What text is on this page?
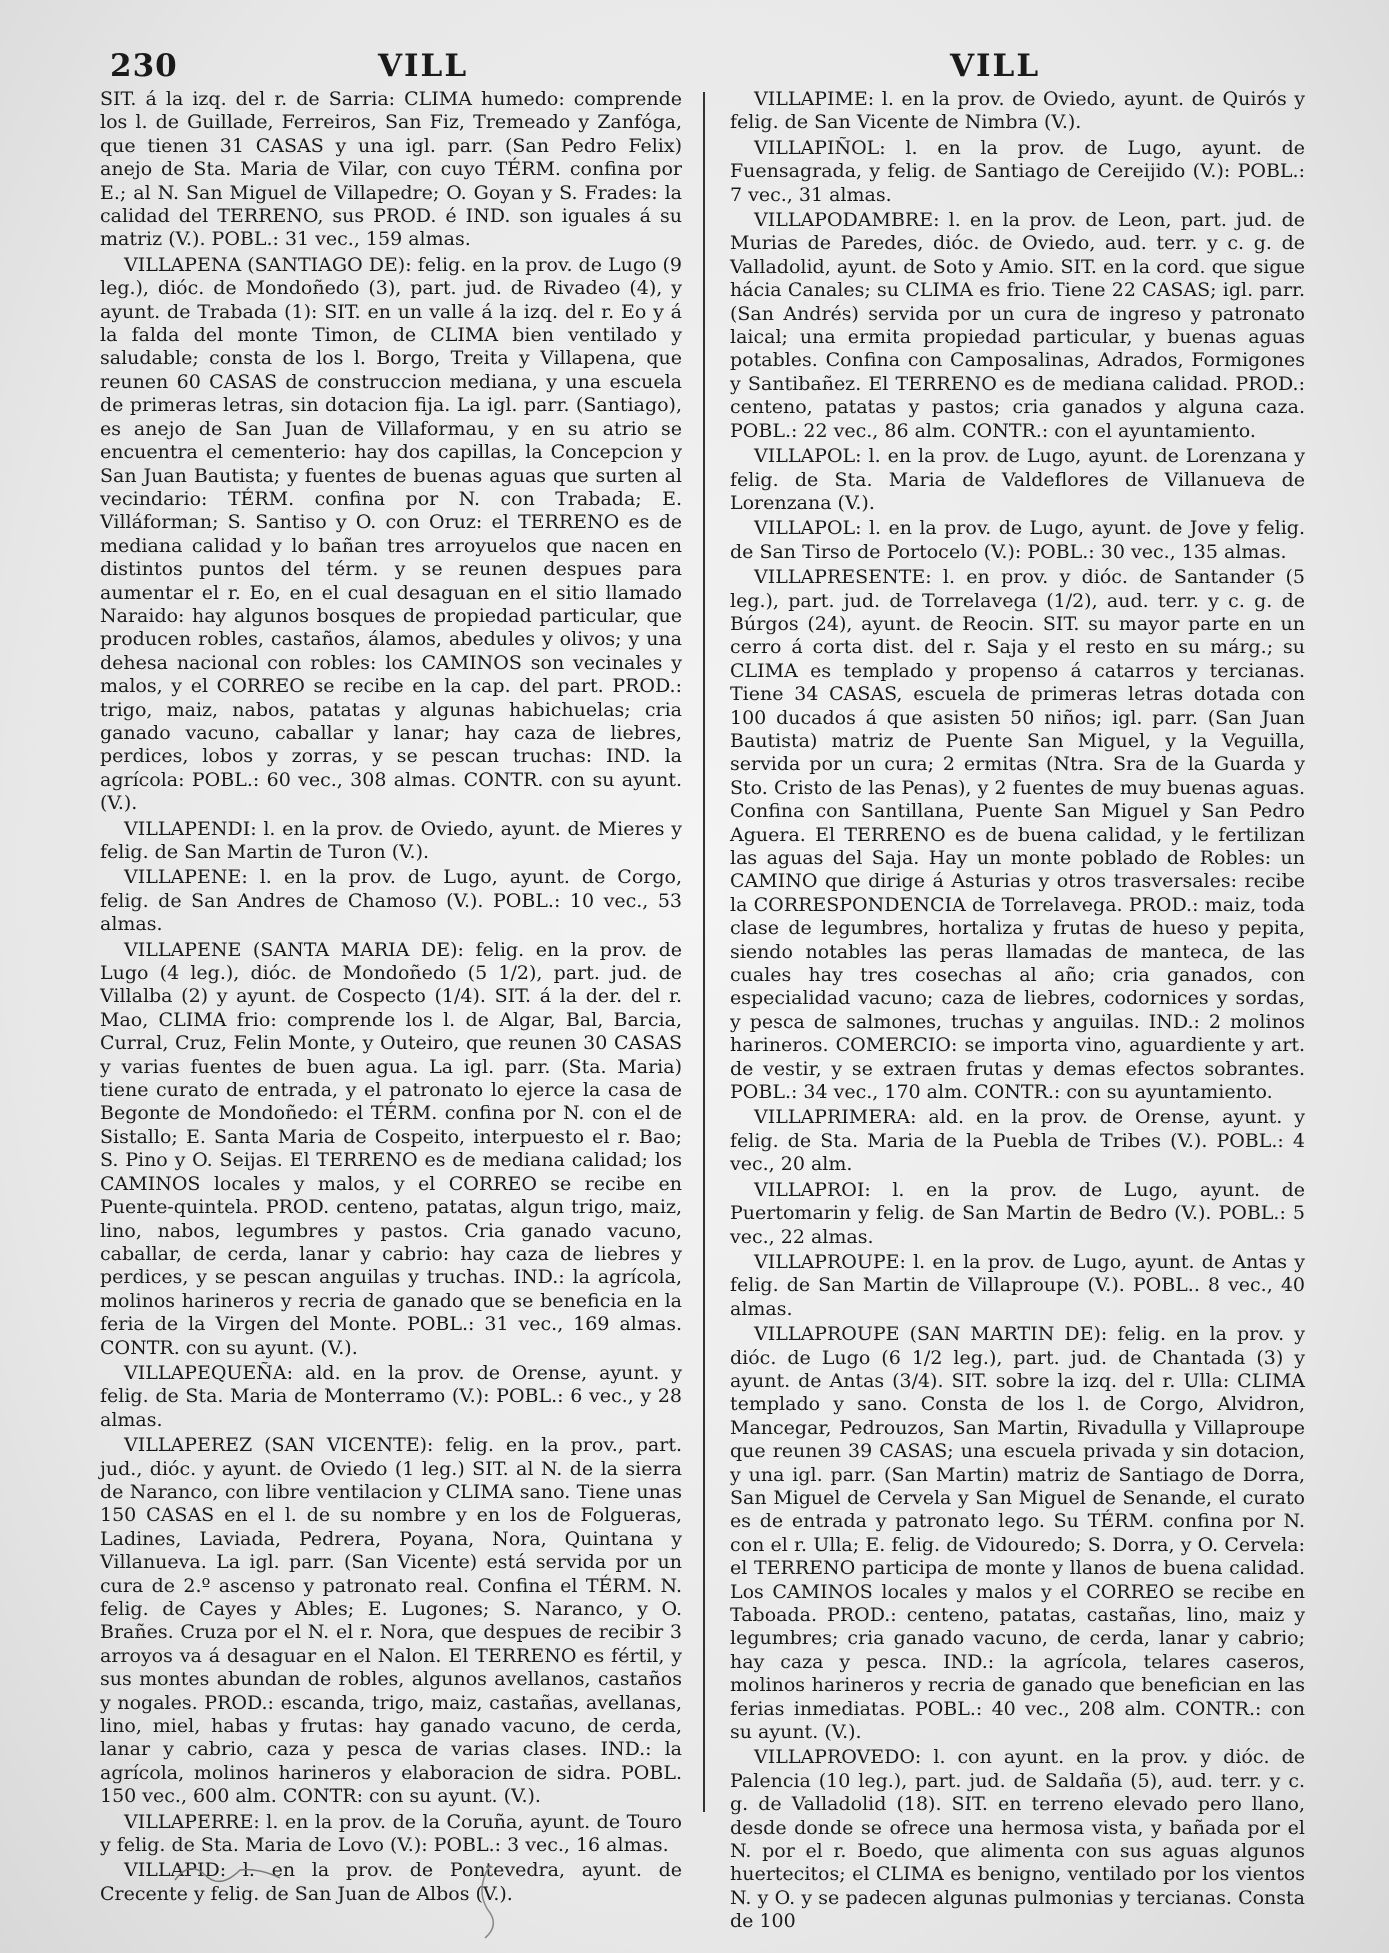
230	VILL	VILL

SIT. á la izq. del r. de Sarria: CLIMA humedo: comprende los l. de Guillade, Ferreiros, San Fiz, Tremeado y Zanfóga, que tienen 31 CASAS y una igl. parr. (San Pedro Felix) anejo de Sta. Maria de Vilar, con cuyo TÉRM. confina por E.; al N. San Miguel de Villapedre; O. Goyan y S. Frades: la calidad del TERRENO, sus PROD. é IND. son iguales á su matriz (V.). POBL.: 31 vec., 159 almas.

VILLAPENA (SANTIAGO DE): felig. en la prov. de Lugo (9 leg.), dióc. de Mondoñedo (3), part. jud. de Rivadeo (4), y ayunt. de Trabada (1): SIT. en un valle á la izq. del r. Eo y á la falda del monte Timon, de CLIMA bien ventilado y saludable; consta de los l. Borgo, Treita y Villapena, que reunen 60 CASAS de construccion mediana, y una escuela de primeras letras, sin dotacion fija. La igl. parr. (Santiago), es anejo de San Juan de Villaformau, y en su atrio se encuentra el cementerio: hay dos capillas, la Concepcion y San Juan Bautista; y fuentes de buenas aguas que surten al vecindario: TÉRM. confina por N. con Trabada; E. Villáforman; S. Santiso y O. con Oruz: el TERRENO es de mediana calidad y lo bañan tres arroyuelos que nacen en distintos puntos del térm. y se reunen despues para aumentar el r. Eo, en el cual desaguan en el sitio llamado Naraido: hay algunos bosques de propiedad particular, que producen robles, castaños, álamos, abedules y olivos; y una dehesa nacional con robles: los CAMINOS son vecinales y malos, y el CORREO se recibe en la cap. del part. PROD.: trigo, maiz, nabos, patatas y algunas habichuelas; cria ganado vacuno, caballar y lanar; hay caza de liebres, perdices, lobos y zorras, y se pescan truchas: IND. la agrícola: POBL.: 60 vec., 308 almas. CONTR. con su ayunt. (V.).

VILLAPENDI: l. en la prov. de Oviedo, ayunt. de Mieres y felig. de San Martin de Turon (V.).

VILLAPENE: l. en la prov. de Lugo, ayunt. de Corgo, felig. de San Andres de Chamoso (V.). POBL.: 10 vec., 53 almas.

VILLAPENE (SANTA MARIA DE): felig. en la prov. de Lugo (4 leg.), dióc. de Mondoñedo (5 1/2), part. jud. de Villalba (2) y ayunt. de Cospecto (1/4). SIT. á la der. del r. Mao, CLIMA frio: comprende los l. de Algar, Bal, Barcia, Curral, Cruz, Felin Monte, y Outeiro, que reunen 30 CASAS y varias fuentes de buen agua. La igl. parr. (Sta. Maria) tiene curato de entrada, y el patronato lo ejerce la casa de Begonte de Mondoñedo: el TÉRM. confina por N. con el de Sistallo; E. Santa Maria de Cospeito, interpuesto el r. Bao; S. Pino y O. Seijas. El TERRENO es de mediana calidad; los CAMINOS locales y malos, y el CORREO se recibe en Puente-quintela. PROD. centeno, patatas, algun trigo, maiz, lino, nabos, legumbres y pastos. Cria ganado vacuno, caballar, de cerda, lanar y cabrio: hay caza de liebres y perdices, y se pescan anguilas y truchas. IND.: la agrícola, molinos harineros y recria de ganado que se beneficia en la feria de la Virgen del Monte. POBL.: 31 vec., 169 almas. CONTR. con su ayunt. (V.).

VILLAPEQUEÑA: ald. en la prov. de Orense, ayunt. y felig. de Sta. Maria de Monterramo (V.): POBL.: 6 vec., y 28 almas.

VILLAPEREZ (SAN VICENTE): felig. en la prov., part. jud., dióc. y ayunt. de Oviedo (1 leg.) SIT. al N. de la sierra de Naranco, con libre ventilacion y CLIMA sano. Tiene unas 150 CASAS en el l. de su nombre y en los de Folgueras, Ladines, Laviada, Pedrera, Poyana, Nora, Quintana y Villanueva. La igl. parr. (San Vicente) está servida por un cura de 2.º ascenso y patronato real. Confina el TÉRM. N. felig. de Cayes y Ables; E. Lugones; S. Naranco, y O. Brañes. Cruza por el N. el r. Nora, que despues de recibir 3 arroyos va á desaguar en el Nalon. El TERRENO es fértil, y sus montes abundan de robles, algunos avellanos, castaños y nogales. PROD.: escanda, trigo, maiz, castañas, avellanas, lino, miel, habas y frutas: hay ganado vacuno, de cerda, lanar y cabrio, caza y pesca de varias clases. IND.: la agrícola, molinos harineros y elaboracion de sidra. POBL. 150 vec., 600 alm. CONTR: con su ayunt. (V.).

VILLAPERRE: l. en la prov. de la Coruña, ayunt. de Touro y felig. de Sta. Maria de Lovo (V.): POBL.: 3 vec., 16 almas.

VILLAPID: l. en la prov. de Pontevedra, ayunt. de Crecente y felig. de San Juan de Albos (V.).

VILLAPIME: l. en la prov. de Oviedo, ayunt. de Quirós y felig. de San Vicente de Nimbra (V.).

VILLAPIÑOL: l. en la prov. de Lugo, ayunt. de Fuensagrada, y felig. de Santiago de Cereijido (V.): POBL.: 7 vec., 31 almas.

VILLAPODAMBRE: l. en la prov. de Leon, part. jud. de Murias de Paredes, dióc. de Oviedo, aud. terr. y c. g. de Valladolid, ayunt. de Soto y Amio. SIT. en la cord. que sigue hácia Canales; su CLIMA es frio. Tiene 22 CASAS; igl. parr. (San Andrés) servida por un cura de ingreso y patronato laical; una ermita propiedad particular, y buenas aguas potables. Confina con Camposalinas, Adrados, Formigones y Santibañez. El TERRENO es de mediana calidad. PROD.: centeno, patatas y pastos; cria ganados y alguna caza. POBL.: 22 vec., 86 alm. CONTR.: con el ayuntamiento.

VILLAPOL: l. en la prov. de Lugo, ayunt. de Lorenzana y felig. de Sta. Maria de Valdeflores de Villanueva de Lorenzana (V.).

VILLAPOL: l. en la prov. de Lugo, ayunt. de Jove y felig. de San Tirso de Portocelo (V.): POBL.: 30 vec., 135 almas.

VILLAPRESENTE: l. en prov. y dióc. de Santander (5 leg.), part. jud. de Torrelavega (1/2), aud. terr. y c. g. de Búrgos (24), ayunt. de Reocin. SIT. su mayor parte en un cerro á corta dist. del r. Saja y el resto en su márg.; su CLIMA es templado y propenso á catarros y tercianas. Tiene 34 CASAS, escuela de primeras letras dotada con 100 ducados á que asisten 50 niños; igl. parr. (San Juan Bautista) matriz de Puente San Miguel, y la Veguilla, servida por un cura; 2 ermitas (Ntra. Sra de la Guarda y Sto. Cristo de las Penas), y 2 fuentes de muy buenas aguas. Confina con Santillana, Puente San Miguel y San Pedro Aguera. El TERRENO es de buena calidad, y le fertilizan las aguas del Saja. Hay un monte poblado de Robles: un CAMINO que dirige á Asturias y otros trasversales: recibe la CORRESPONDENCIA de Torrelavega. PROD.: maiz, toda clase de legumbres, hortaliza y frutas de hueso y pepita, siendo notables las peras llamadas de manteca, de las cuales hay tres cosechas al año; cria ganados, con especialidad vacuno; caza de liebres, codornices y sordas, y pesca de salmones, truchas y anguilas. IND.: 2 molinos harineros. COMERCIO: se importa vino, aguardiente y art. de vestir, y se extraen frutas y demas efectos sobrantes. POBL.: 34 vec., 170 alm. CONTR.: con su ayuntamiento.

VILLAPRIMERA: ald. en la prov. de Orense, ayunt. y felig. de Sta. Maria de la Puebla de Tribes (V.). POBL.: 4 vec., 20 alm.

VILLAPROI: l. en la prov. de Lugo, ayunt. de Puertomarin y felig. de San Martin de Bedro (V.). POBL.: 5 vec., 22 almas.

VILLAPROUPE: l. en la prov. de Lugo, ayunt. de Antas y felig. de San Martin de Villaproupe (V.). POBL.. 8 vec., 40 almas.

VILLAPROUPE (SAN MARTIN DE): felig. en la prov. y dióc. de Lugo (6 1/2 leg.), part. jud. de Chantada (3) y ayunt. de Antas (3/4). SIT. sobre la izq. del r. Ulla: CLIMA templado y sano. Consta de los l. de Corgo, Alvidron, Mancegar, Pedrouzos, San Martin, Rivadulla y Villaproupe que reunen 39 CASAS; una escuela privada y sin dotacion, y una igl. parr. (San Martin) matriz de Santiago de Dorra, San Miguel de Cervela y San Miguel de Senande, el curato es de entrada y patronato lego. Su TÉRM. confina por N. con el r. Ulla; E. felig. de Vidouredo; S. Dorra, y O. Cervela: el TERRENO participa de monte y llanos de buena calidad. Los CAMINOS locales y malos y el CORREO se recibe en Taboada. PROD.: centeno, patatas, castañas, lino, maiz y legumbres; cria ganado vacuno, de cerda, lanar y cabrio; hay caza y pesca. IND.: la agrícola, telares caseros, molinos harineros y recria de ganado que benefician en las ferias inmediatas. POBL.: 40 vec., 208 alm. CONTR.: con su ayunt. (V.).

VILLAPROVEDO: l. con ayunt. en la prov. y dióc. de Palencia (10 leg.), part. jud. de Saldaña (5), aud. terr. y c. g. de Valladolid (18). SIT. en terreno elevado pero llano, desde donde se ofrece una hermosa vista, y bañada por el N. por el r. Boedo, que alimenta con sus aguas algunos huertecitos; el CLIMA es benigno, ventilado por los vientos N. y O. y se padecen algunas pulmonias y tercianas. Consta de 100
